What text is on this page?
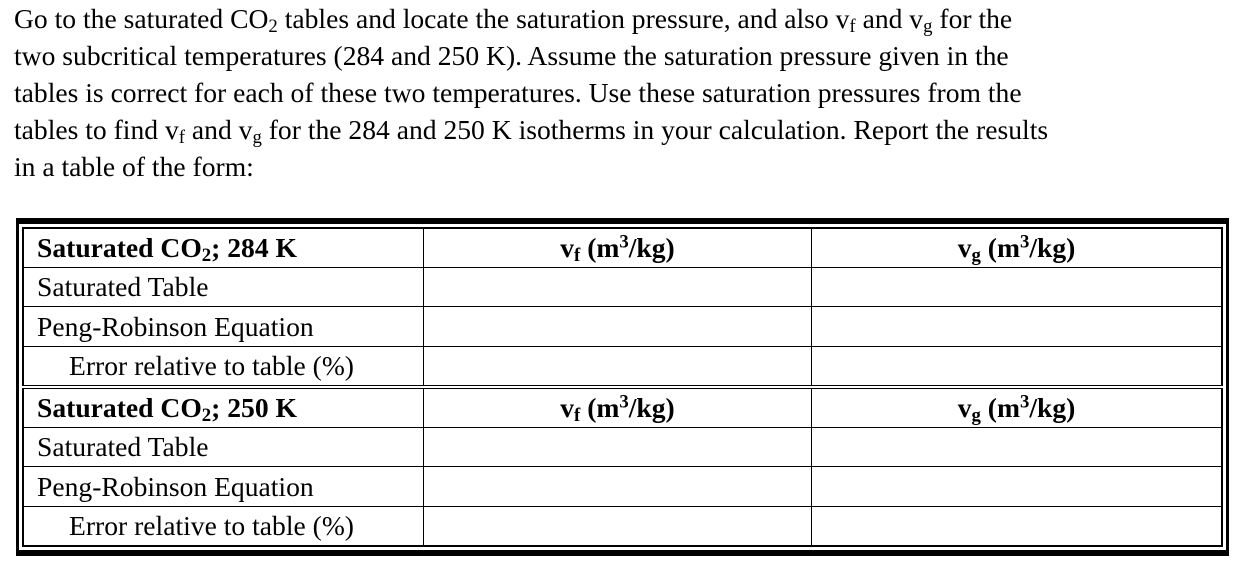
Go to the saturated $CO_2$ tables and locate the saturation pressure, and also $v_f$ and $v_g$ for the
two subcritical temperatures (284 and 250 K). Assume the saturation pressure given in the
tables is correct for each of these two temperatures. Use these saturation pressures from the
tables to find $v_f$ and $v_g$ for the 284 and 250 K isotherms in your calculation. Report the results
in a table of the form:
Saturated $CO_2$; 284 K	$v_f$ $(m^3/kg)$	$v_g$ $(m^3/kg)$
Saturated Table		
Peng-Robinson Equation		
Error relative to table (%)		
Saturated $CO_2$; 250 K	$v_f$ $(m^3/kg)$	$v_g$ $(m^3/kg)$
Saturated Table		
Peng-Robinson Equation		
Error relative to table (%)		
